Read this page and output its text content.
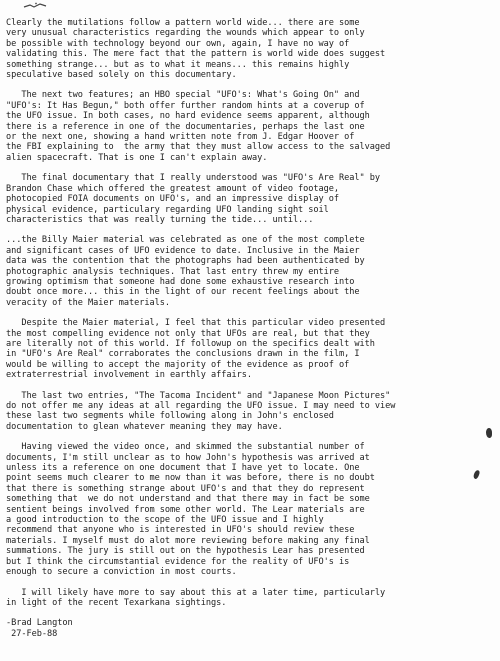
Clearly the mutilations follow a pattern world wide... there are some
very unusual characteristics regarding the wounds which appear to only
be possible with technology beyond our own, again, I have no way of
validating this. The mere fact that the pattern is world wide does suggest
something strange... but as to what it means... this remains highly
speculative based solely on this documentary.
The next two features; an HBO special "UFO's: What's Going On" and
"UFO's: It Has Begun," both offer further random hints at a coverup of
the UFO issue. In both cases, no hard evidence seems apparent, although
there is a reference in one of the documentaries, perhaps the last one
or the next one, showing a hand written note from J. Edgar Hoover of
the FBI explaining to  the army that they must allow access to the salvaged
alien spacecraft. That is one I can't explain away.
The final documentary that I really understood was "UFO's Are Real" by
Brandon Chase which offered the greatest amount of video footage,
photocopied FOIA documents on UFO's, and an impressive display of
physical evidence, particulary regarding UFO landing sight soil
characteristics that was really turning the tide... until...
...the Billy Maier material was celebrated as one of the most complete
and significant cases of UFO evidence to date. Inclusive in the Maier
data was the contention that the photographs had been authenticated by
photographic analysis techniques. That last entry threw my entire
growing optimism that someone had done some exhaustive research into
doubt once more... this in the light of our recent feelings about the
veracity of the Maier materials.
Despite the Maier material, I feel that this particular video presented
the most compelling evidence not only that UFOs are real, but that they
are literally not of this world. If followup on the specifics dealt with
in "UFO's Are Real" corraborates the conclusions drawn in the film, I
would be willing to accept the majority of the evidence as proof of
extraterrestrial involvement in earthly affairs.
The last two entries, "The Tacoma Incident" and "Japanese Moon Pictures"
do not offer me any ideas at all regarding the UFO issue. I may need to view
these last two segments while following along in John's enclosed
documentation to glean whatever meaning they may have.
Having viewed the video once, and skimmed the substantial number of
documents, I'm still unclear as to how John's hypothesis was arrived at
unless its a reference on one document that I have yet to locate. One
point seems much clearer to me now than it was before, there is no doubt
that there is something strange about UFO's and that they do represent
something that  we do not understand and that there may in fact be some
sentient beings involved from some other world. The Lear materials are
a good introduction to the scope of the UFO issue and I highly
recommend that anyone who is interested in UFO's should review these
materials. I myself must do alot more reviewing before making any final
summations. The jury is still out on the hypothesis Lear has presented
but I think the circumstantial evidence for the reality of UFO's is
enough to secure a conviction in most courts.
I will likely have more to say about this at a later time, particularly
in light of the recent Texarkana sightings.
-Brad Langton
27-Feb-88
